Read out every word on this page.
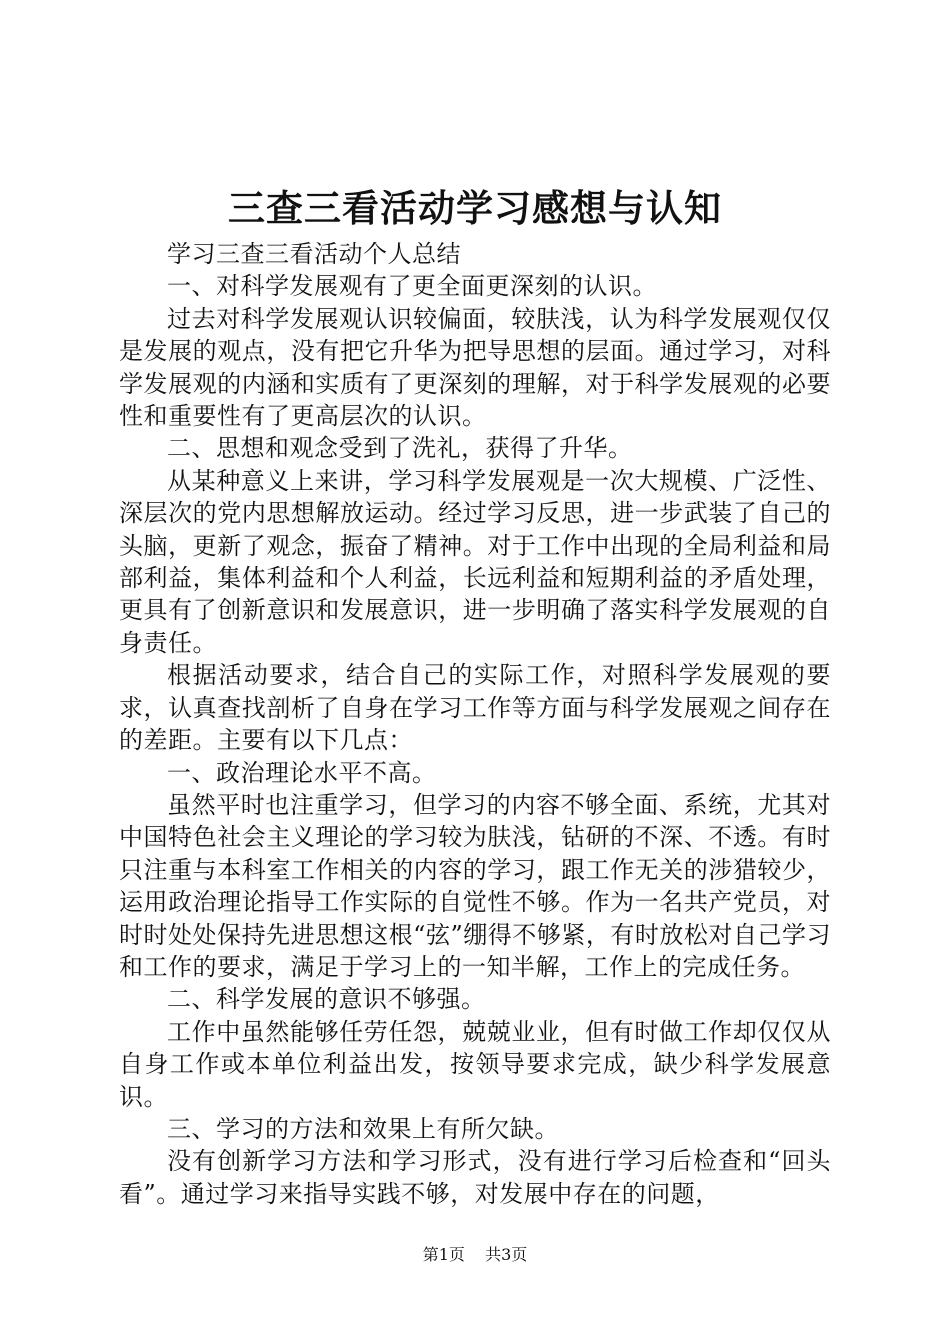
三查三看活动学习感想与认知

学习三查三看活动个人总结

一、对科学发展观有了更全面更深刻的认识。

过去对科学发展观认识较偏面，较肤浅，认为科学发展观仅仅是发展的观点，没有把它升华为把导思想的层面。通过学习，对科学发展观的内涵和实质有了更深刻的理解，对于科学发展观的必要性和重要性有了更高层次的认识。

二、思想和观念受到了洗礼，获得了升华。

从某种意义上来讲，学习科学发展观是一次大规模、广泛性、深层次的党内思想解放运动。经过学习反思，进一步武装了自己的头脑，更新了观念，振奋了精神。对于工作中出现的全局利益和局部利益，集体利益和个人利益，长远利益和短期利益的矛盾处理，更具有了创新意识和发展意识，进一步明确了落实科学发展观的自身责任。

根据活动要求，结合自己的实际工作，对照科学发展观的要求，认真查找剖析了自身在学习工作等方面与科学发展观之间存在的差距。主要有以下几点：

一、政治理论水平不高。

虽然平时也注重学习，但学习的内容不够全面、系统，尤其对中国特色社会主义理论的学习较为肤浅，钻研的不深、不透。有时只注重与本科室工作相关的内容的学习，跟工作无关的涉猎较少，运用政治理论指导工作实际的自觉性不够。作为一名共产党员，对时时处处保持先进思想这根“弦”绷得不够紧，有时放松对自己学习和工作的要求，满足于学习上的一知半解，工作上的完成任务。

二、科学发展的意识不够强。

工作中虽然能够任劳任怨，兢兢业业，但有时做工作却仅仅从自身工作或本单位利益出发，按领导要求完成，缺少科学发展意识。

三、学习的方法和效果上有所欠缺。

没有创新学习方法和学习形式，没有进行学习后检查和“回头看”。通过学习来指导实践不够，对发展中存在的问题，

第1页 共3页
